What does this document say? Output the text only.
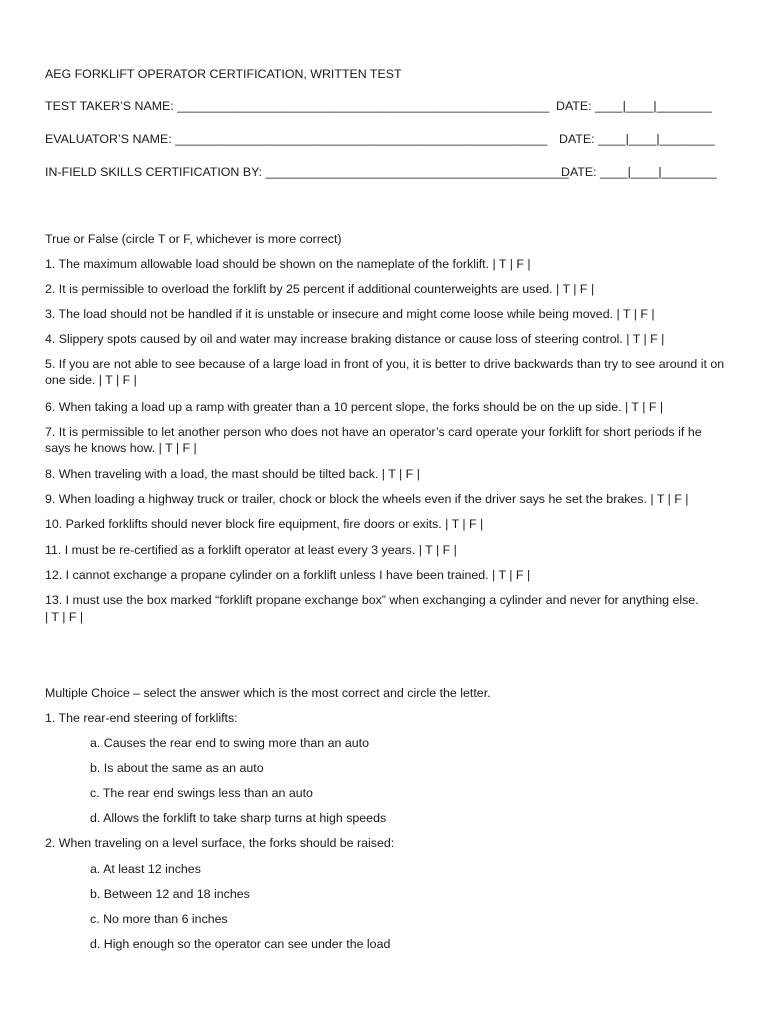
AEG FORKLIFT OPERATOR CERTIFICATION, WRITTEN TEST
TEST TAKER’S NAME: ______________________________________________________ DATE: ____|____|________
EVALUATOR’S NAME: ______________________________________________________ DATE: ____|____|________
IN-FIELD SKILLS CERTIFICATION BY: ____________________________________________
DATE: ____|____|________
True or False (circle T or F, whichever is more correct)
1. The maximum allowable load should be shown on the nameplate of the forklift. | T | F |
2. It is permissible to overload the forklift by 25 percent if additional counterweights are used. | T | F |
3. The load should not be handled if it is unstable or insecure and might come loose while being moved. | T | F |
4. Slippery spots caused by oil and water may increase braking distance or cause loss of steering control. | T | F |
5. If you are not able to see because of a large load in front of you, it is better to drive backwards than try to see around it on one side. | T | F |
6. When taking a load up a ramp with greater than a 10 percent slope, the forks should be on the up side. | T | F |
7. It is permissible to let another person who does not have an operator’s card operate your forklift for short periods if he says he knows how. | T | F |
8. When traveling with a load, the mast should be tilted back. | T | F |
9. When loading a highway truck or trailer, chock or block the wheels even if the driver says he set the brakes. | T | F |
10. Parked forklifts should never block fire equipment, fire doors or exits. | T | F |
11. I must be re-certified as a forklift operator at least every 3 years. | T | F |
12. I cannot exchange a propane cylinder on a forklift unless I have been trained. | T | F |
13. I must use the box marked “forklift propane exchange box” when exchanging a cylinder and never for anything else.
| T | F |
Multiple Choice – select the answer which is the most correct and circle the letter.
1. The rear-end steering of forklifts:
a. Causes the rear end to swing more than an auto
b. Is about the same as an auto
c. The rear end swings less than an auto
d. Allows the forklift to take sharp turns at high speeds
2. When traveling on a level surface, the forks should be raised:
a. At least 12 inches
b. Between 12 and 18 inches
c. No more than 6 inches
d. High enough so the operator can see under the load
